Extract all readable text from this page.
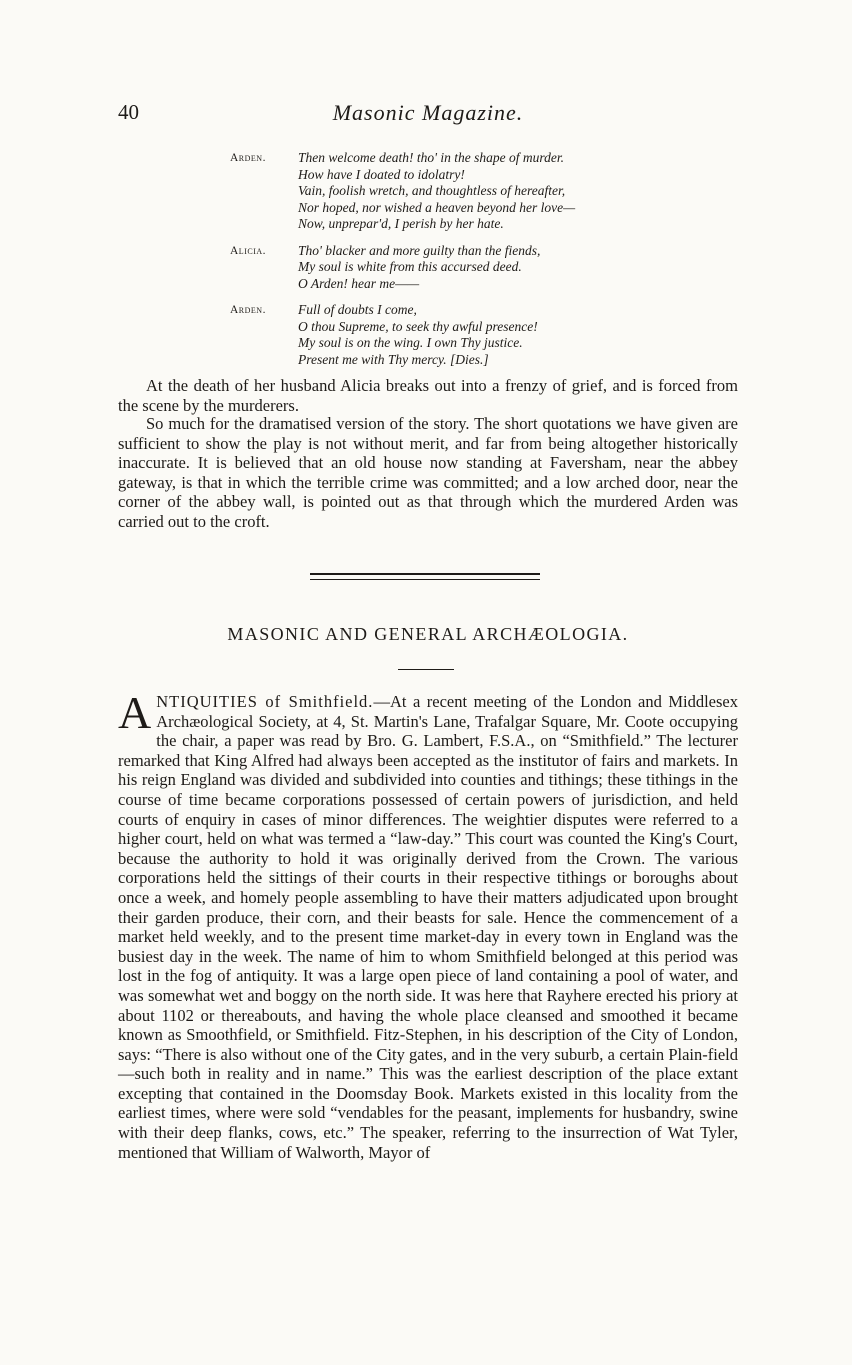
40	Masonic Magazine.
Arden.	Then welcome death! tho' in the shape of murder.
How have I doated to idolatry!
Vain, foolish wretch, and thoughtless of hereafter,
Nor hoped, nor wished a heaven beyond her love—
Now, unprepar'd, I perish by her hate.
Alicia.	Tho' blacker and more guilty than the fiends,
My soul is white from this accursed deed.
O Arden! hear me——
Arden.	Full of doubts I come,
O thou Supreme, to seek thy awful presence!
My soul is on the wing. I own Thy justice.
Present me with Thy mercy. [Dies.]

At the death of her husband Alicia breaks out into a frenzy of grief, and is forced from the scene by the murderers.

So much for the dramatised version of the story. The short quotations we have given are sufficient to show the play is not without merit, and far from being altogether historically inaccurate. It is believed that an old house now standing at Faversham, near the abbey gateway, is that in which the terrible crime was committed; and a low arched door, near the corner of the abbey wall, is pointed out as that through which the murdered Arden was carried out to the croft.

MASONIC AND GENERAL ARCHÆOLOGIA.
ANTIQUITIES of Smithfield.—At a recent meeting of the London and Middlesex Archæological Society, at 4, St. Martin's Lane, Trafalgar Square, Mr. Coote occupying the chair, a paper was read by Bro. G. Lambert, F.S.A., on “Smithfield.” The lecturer remarked that King Alfred had always been accepted as the institutor of fairs and markets. In his reign England was divided and subdivided into counties and tithings; these tithings in the course of time became corporations possessed of certain powers of jurisdiction, and held courts of enquiry in cases of minor differences. The weightier disputes were referred to a higher court, held on what was termed a “law-day.” This court was counted the King's Court, because the authority to hold it was originally derived from the Crown. The various corporations held the sittings of their courts in their respective tithings or boroughs about once a week, and homely people assembling to have their matters adjudicated upon brought their garden produce, their corn, and their beasts for sale. Hence the commencement of a market held weekly, and to the present time market-day in every town in England was the busiest day in the week. The name of him to whom Smithfield belonged at this period was lost in the fog of antiquity. It was a large open piece of land containing a pool of water, and was somewhat wet and boggy on the north side. It was here that Rayhere erected his priory at about 1102 or thereabouts, and having the whole place cleansed and smoothed it became known as Smoothfield, or Smithfield. Fitz-Stephen, in his description of the City of London, says: “There is also without one of the City gates, and in the very suburb, a certain Plain-field—such both in reality and in name.” This was the earliest description of the place extant excepting that contained in the Doomsday Book. Markets existed in this locality from the earliest times, where were sold “vendables for the peasant, implements for husbandry, swine with their deep flanks, cows, etc.” The speaker, referring to the insurrection of Wat Tyler, mentioned that William of Walworth, Mayor of
